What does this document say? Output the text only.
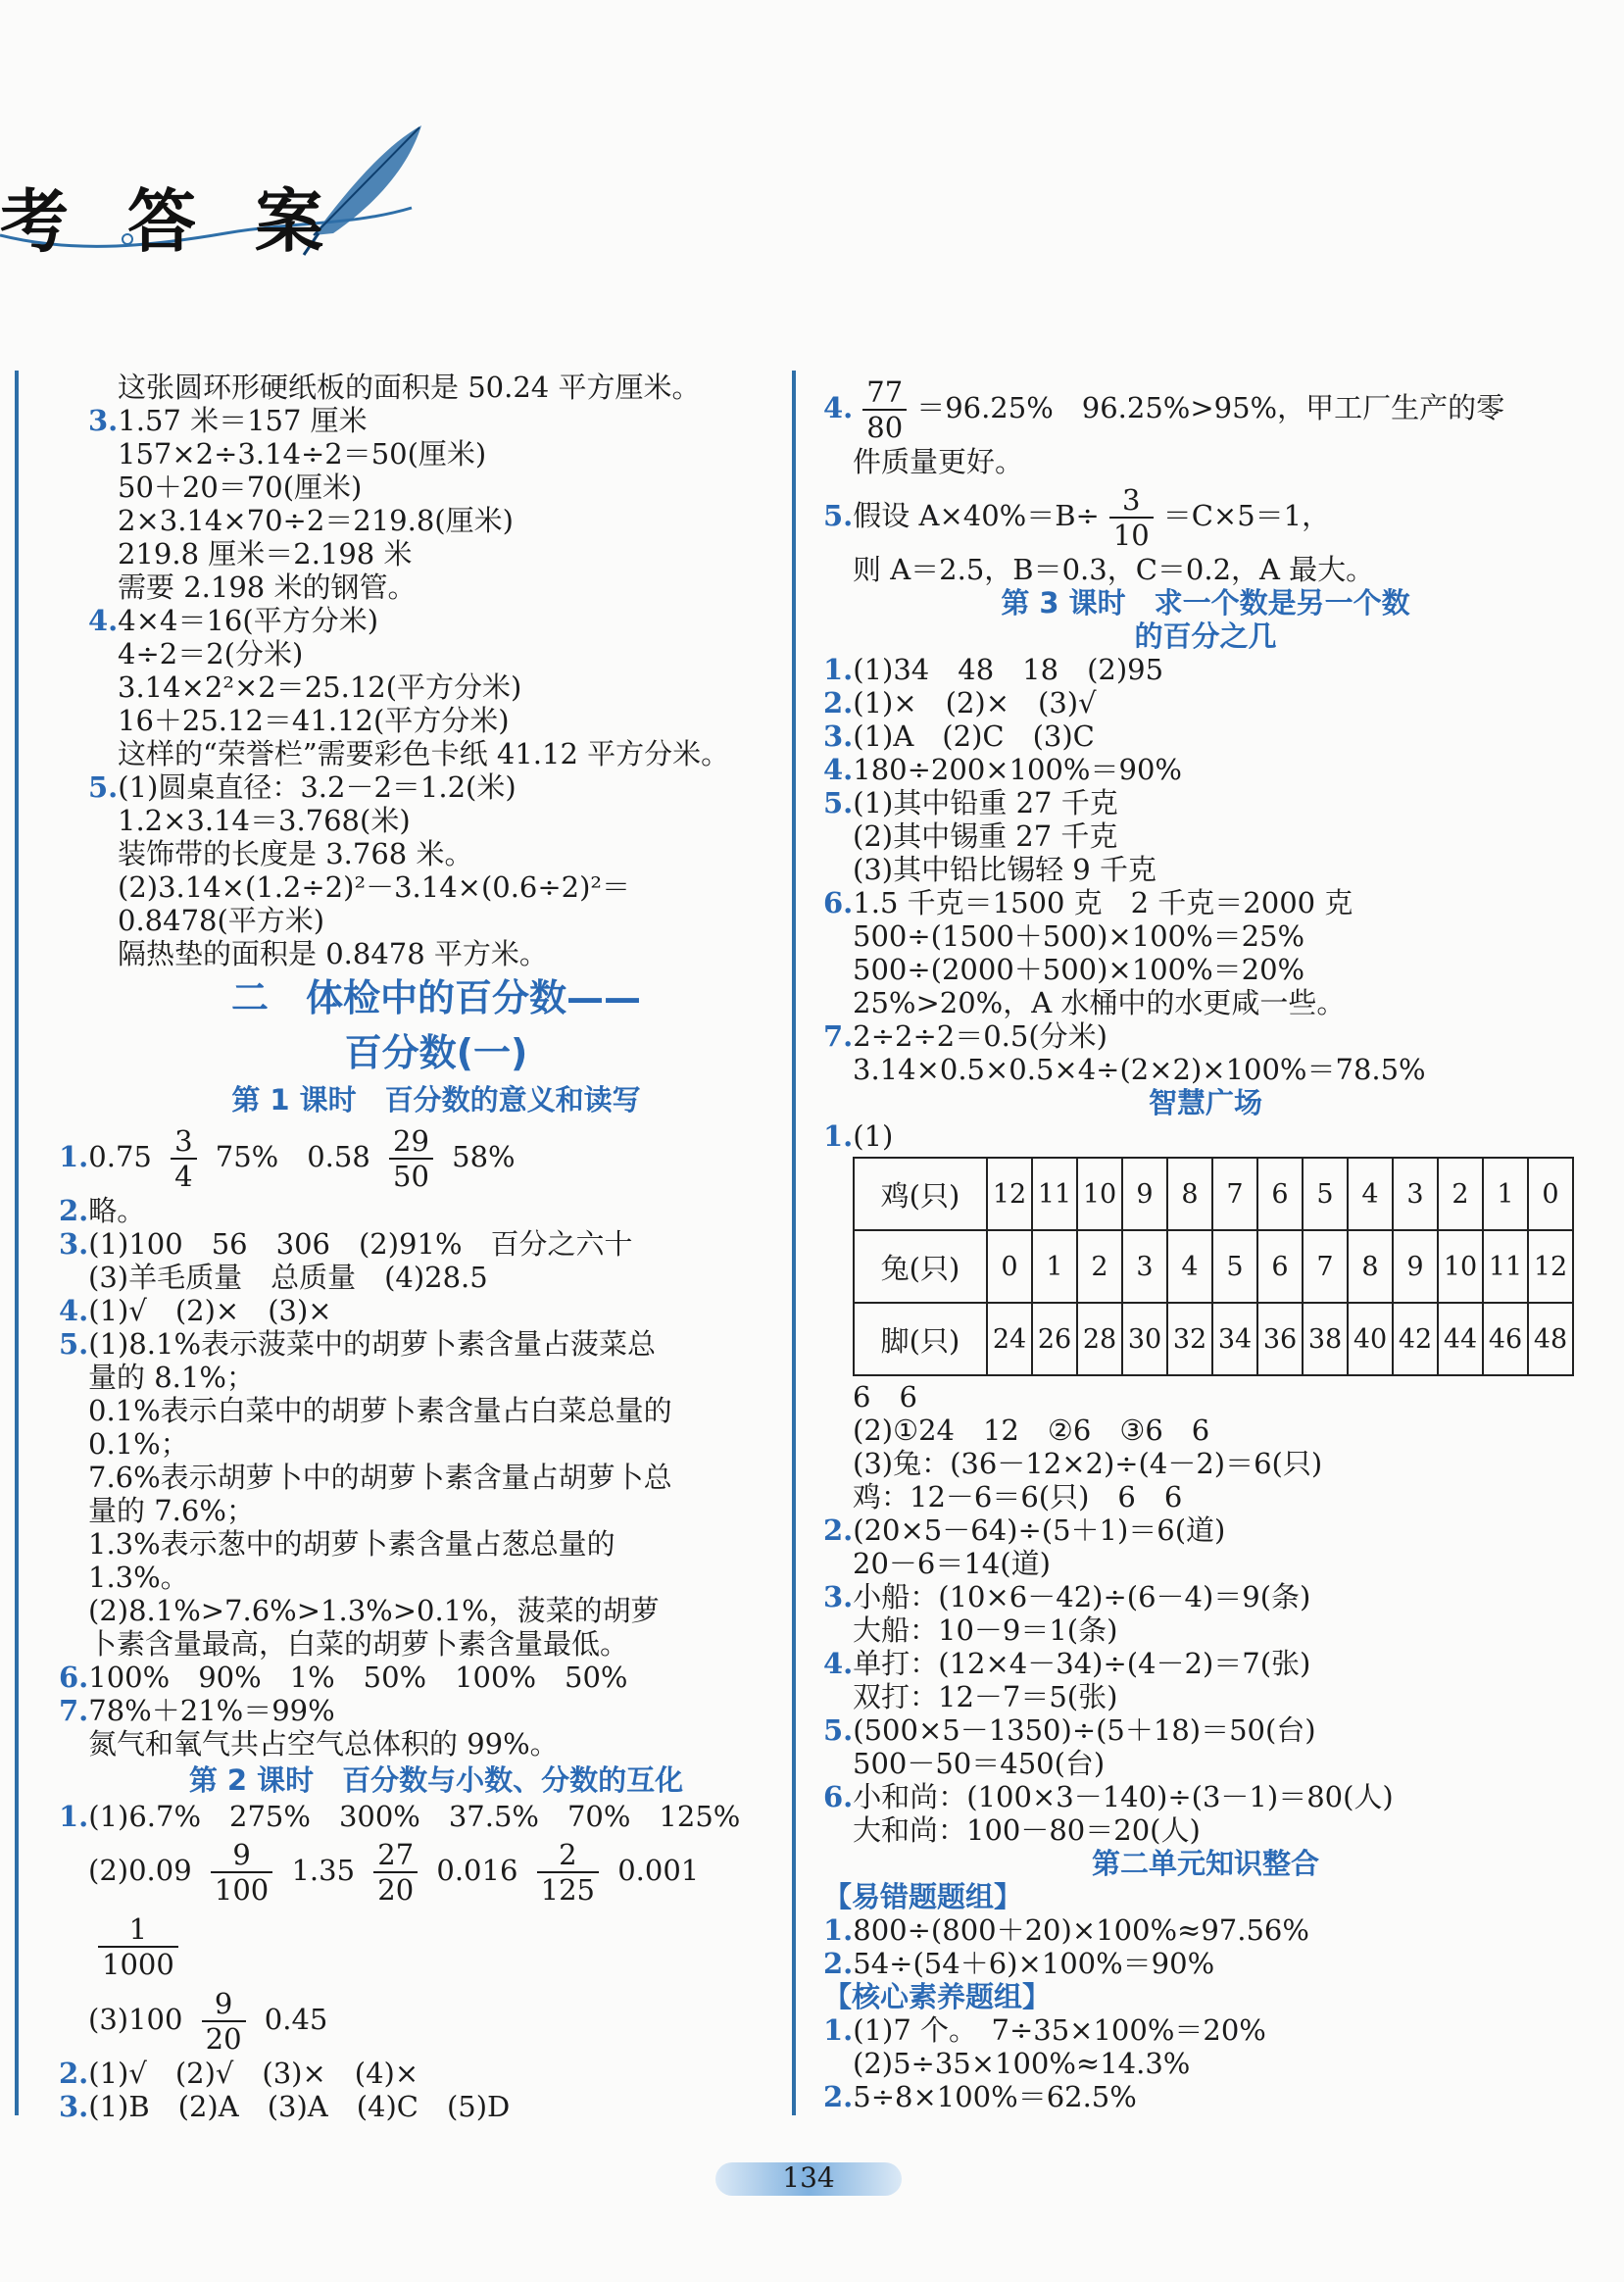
考答案
这张圆环形硬纸板的面积是 50.24 平方厘米。
3.1.57 米＝157 厘米
157×2÷3.14÷2＝50(厘米)
50＋20＝70(厘米)
2×3.14×70÷2＝219.8(厘米)
219.8 厘米＝2.198 米
需要 2.198 米的钢管。
4.4×4＝16(平方分米)
4÷2＝2(分米)
3.14×2²×2＝25.12(平方分米)
16＋25.12＝41.12(平方分米)
这样的“荣誉栏”需要彩色卡纸 41.12 平方分米。
5.(1)圆桌直径：3.2－2＝1.2(米)
1.2×3.14＝3.768(米)
装饰带的长度是 3.768 米。
(2)3.14×(1.2÷2)²－3.14×(0.6÷2)²＝
0.8478(平方米)
隔热垫的面积是 0.8478 平方米。
二　体检中的百分数——
百分数(一)
第 1 课时　百分数的意义和读写
$1.0.75 \frac{3}{4} 75\%$　$0.58 \frac{29}{50} 58\%$
2.略。
3.(1)100　56　306　(2)91%　百分之六十
(3)羊毛质量　总质量　(4)28.5
4.(1)√　(2)×　(3)×
5.(1)8.1%表示菠菜中的胡萝卜素含量占菠菜总
量的 8.1%；
0.1%表示白菜中的胡萝卜素含量占白菜总量的
0.1%；
7.6%表示胡萝卜中的胡萝卜素含量占胡萝卜总
量的 7.6%；
1.3%表示葱中的胡萝卜素含量占葱总量的
1.3%。
(2)8.1%>7.6%>1.3%>0.1%，菠菜的胡萝
卜素含量最高，白菜的胡萝卜素含量最低。
6.100%　90%　1%　50%　100%　50%
7.78%＋21%＝99%
氮气和氧气共占空气总体积的 99%。
第 2 课时　百分数与小数、分数的互化
1.(1)6.7%　275%　300%　37.5%　70%　125%
$(2)0.09 \frac{9}{100} 1.35 \frac{27}{20} 0.016 \frac{2}{125} 0.001$
$\frac{1}{1000}$
$(3)100 \frac{9}{20} 0.45$
2.(1)√　(2)√　(3)×　(4)×
3.(1)B　(2)A　(3)A　(4)C　(5)D
4. $\frac{77}{80} =96.25\%$　96.25%>95%，甲工厂生产的零
件质量更好。
5.假设 $A\times 40\%=B\div \frac{3}{10} =C\times 5=1$，
则 A＝2.5，B＝0.3，C＝0.2，A 最大。
第 3 课时　求一个数是另一个数
的百分之几
1.(1)34　48　18　(2)95
2.(1)×　(2)×　(3)√
3.(1)A　(2)C　(3)C
4.180÷200×100%＝90%
5.(1)其中铅重 27 千克
(2)其中锡重 27 千克
(3)其中铅比锡轻 9 千克
6.1.5 千克＝1500 克　2 千克＝2000 克
500÷(1500＋500)×100%＝25%
500÷(2000＋500)×100%＝20%
25%>20%，A 水桶中的水更咸一些。
7.2÷2÷2＝0.5(分米)
3.14×0.5×0.5×4÷(2×2)×100%＝78.5%
智慧广场
1.(1)
鸡(只)	12	11	10	9	8	7	6	5	4	3	2	1	0
兔(只)	0	1	2	3	4	5	6	7	8	9	10	11	12
脚(只)	24	26	28	30	32	34	36	38	40	42	44	46	48
6　6
(2)①24　12　②6　③6　6
(3)兔：(36－12×2)÷(4－2)＝6(只)
鸡：12－6＝6(只)　6　6
2.(20×5－64)÷(5＋1)＝6(道)
20－6＝14(道)
3.小船：(10×6－42)÷(6－4)＝9(条)
大船：10－9＝1(条)
4.单打：(12×4－34)÷(4－2)＝7(张)
双打：12－7＝5(张)
5.(500×5－1350)÷(5＋18)＝50(台)
500－50＝450(台)
6.小和尚：(100×3－140)÷(3－1)＝80(人)
大和尚：100－80＝20(人)
第二单元知识整合
【易错题题组】
1.800÷(800＋20)×100%≈97.56%
2.54÷(54＋6)×100%＝90%
【核心素养题组】
1.(1)7 个。　7÷35×100%＝20%
(2)5÷35×100%≈14.3%
2.5÷8×100%＝62.5%
134
